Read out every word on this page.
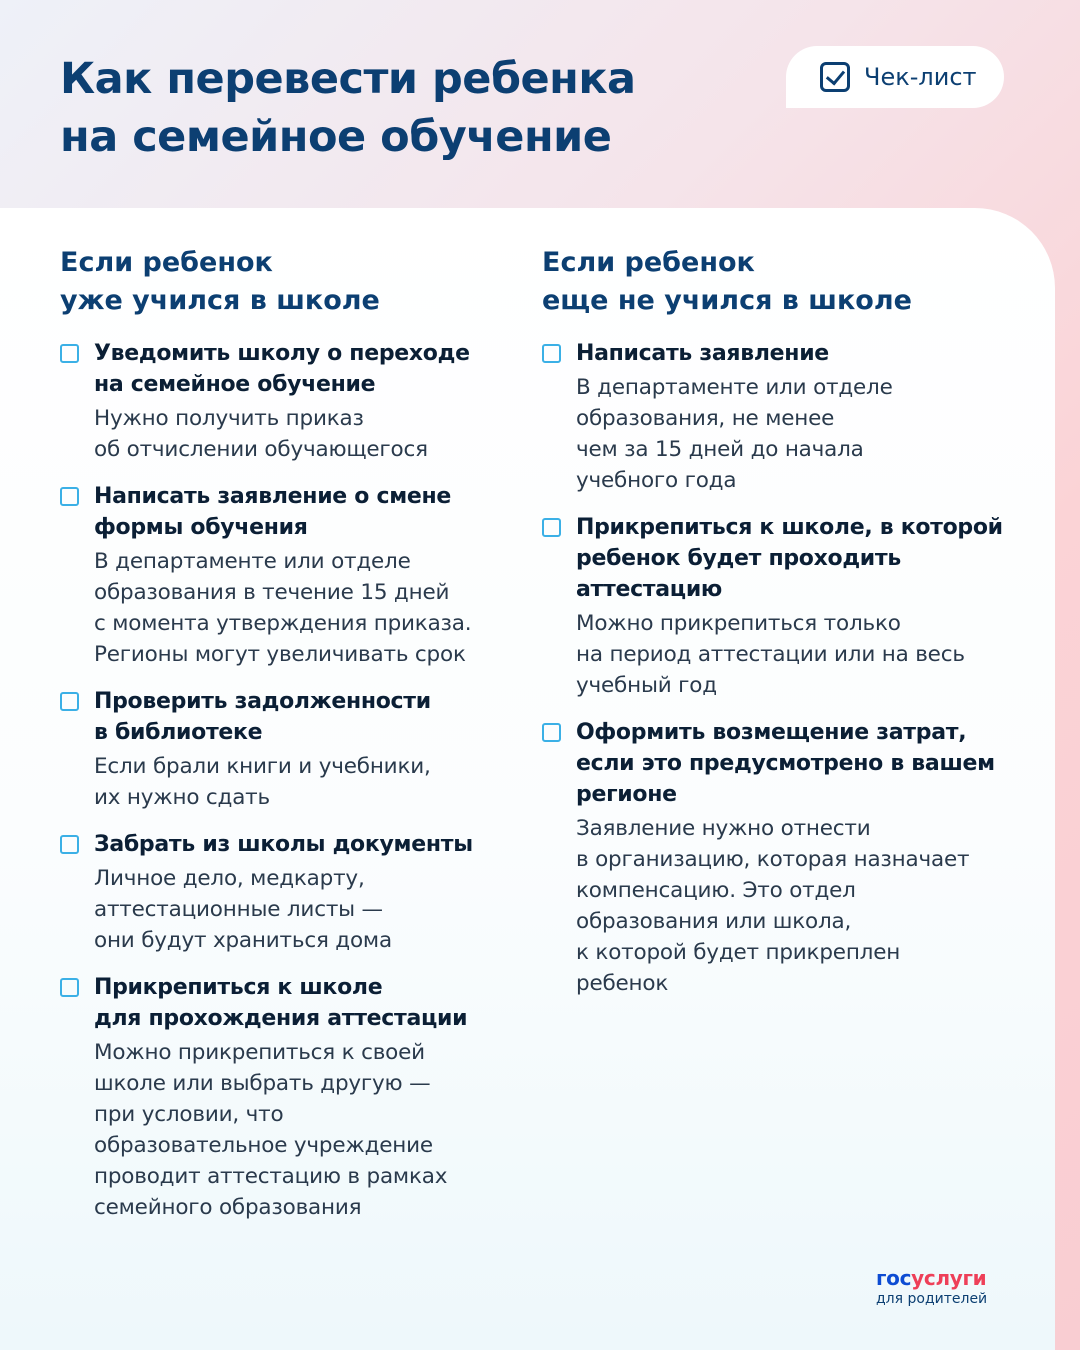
Как перевести ребенка
на семейное обучение
Чек-лист
Если ребенок
уже учился в школе
Уведомить школу о переходе
на семейное обучение
Нужно получить приказ
об отчислении обучающегося
Написать заявление о смене
формы обучения
В департаменте или отделе
образования в течение 15 дней
с момента утверждения приказа.
Регионы могут увеличивать срок
Проверить задолженности
в библиотеке
Если брали книги и учебники,
их нужно сдать
Забрать из школы документы
Личное дело, медкарту,
аттестационные листы —
они будут храниться дома
Прикрепиться к школе
для прохождения аттестации
Можно прикрепиться к своей
школе или выбрать другую —
при условии, что
образовательное учреждение
проводит аттестацию в рамках
семейного образования
Если ребенок
еще не учился в школе
Написать заявление
В департаменте или отделе
образования, не менее
чем за 15 дней до начала
учебного года
Прикрепиться к школе, в которой
ребенок будет проходить
аттестацию
Можно прикрепиться только
на период аттестации или на весь
учебный год
Оформить возмещение затрат,
если это предусмотрено в вашем
регионе
Заявление нужно отнести
в организацию, которая назначает
компенсацию. Это отдел
образования или школа,
к которой будет прикреплен
ребенок
госуслуги
для родителей
